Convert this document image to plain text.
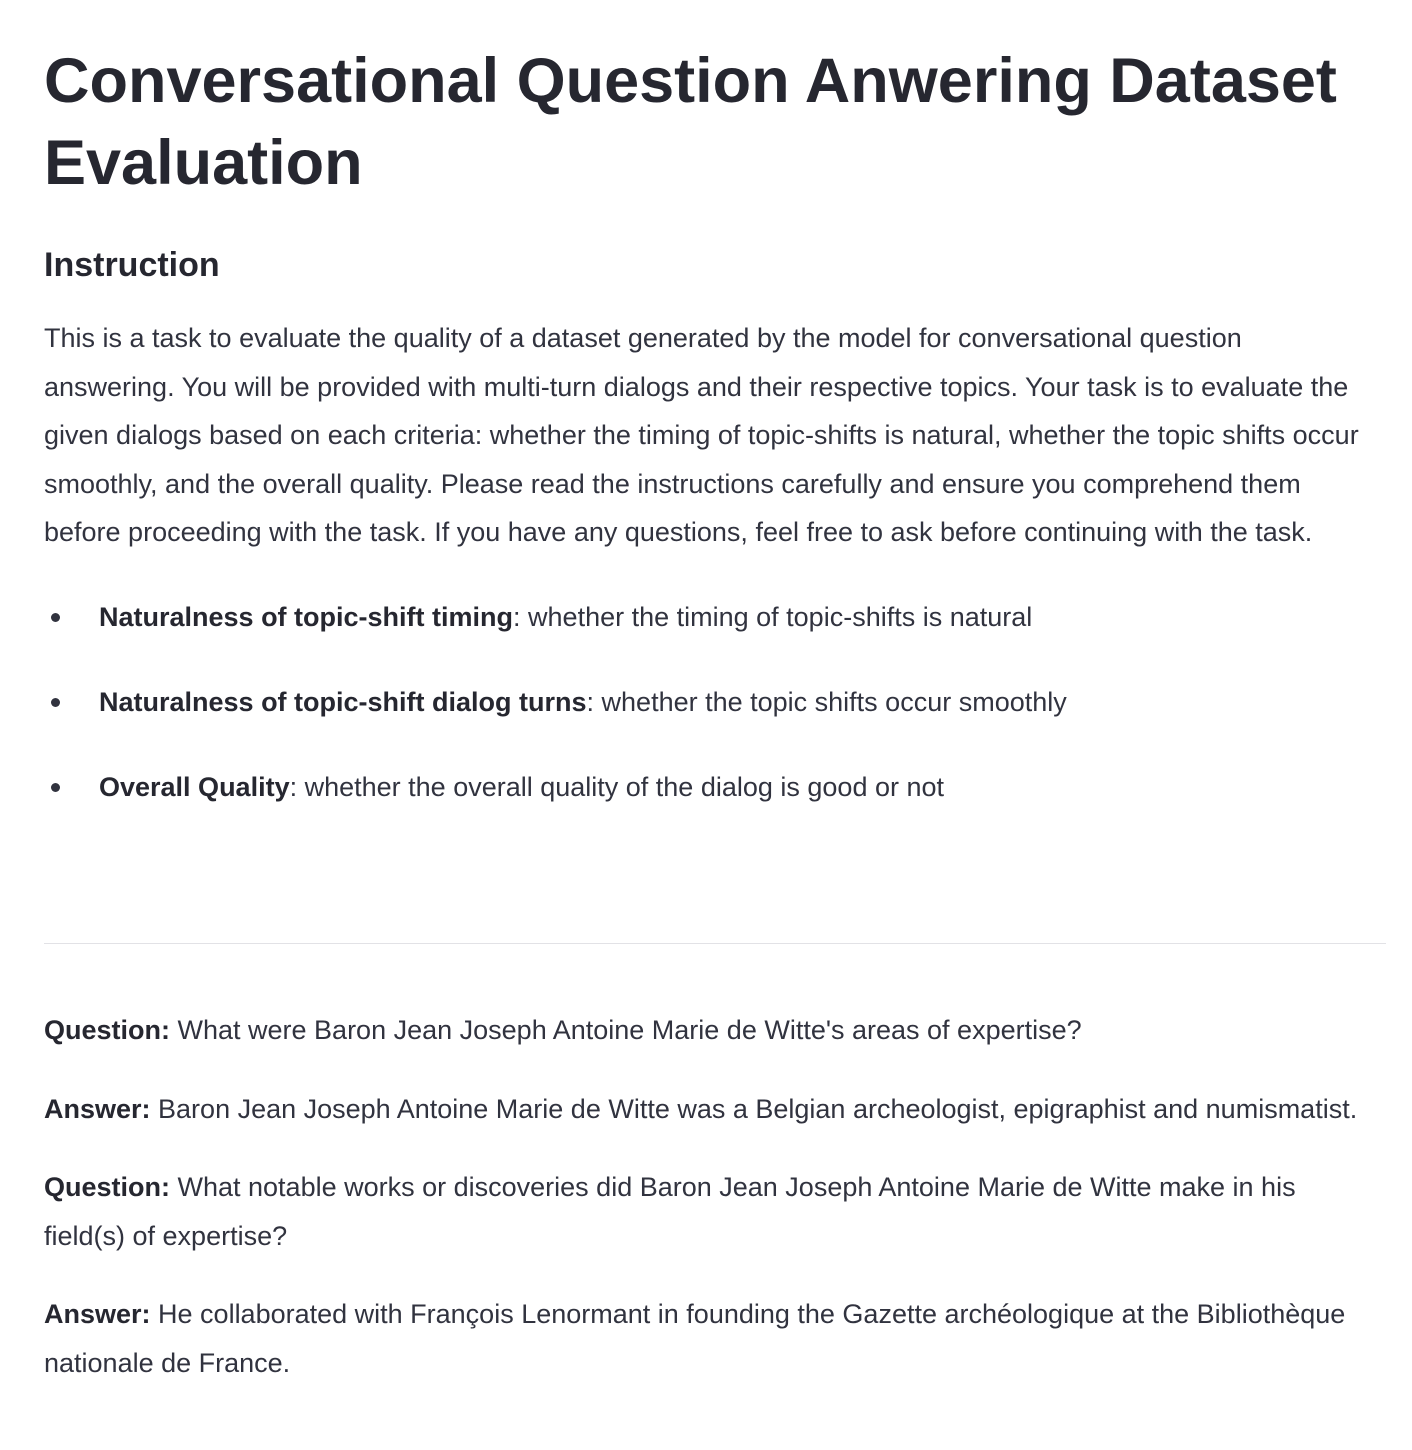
Conversational Question Anwering Dataset Evaluation
Instruction

This is a task to evaluate the quality of a dataset generated by the model for conversational question answering. You will be provided with multi-turn dialogs and their respective topics. Your task is to evaluate the given dialogs based on each criteria: whether the timing of topic-shifts is natural, whether the topic shifts occur smoothly, and the overall quality. Please read the instructions carefully and ensure you comprehend them before proceeding with the task. If you have any questions, feel free to ask before continuing with the task.

Naturalness of topic-shift timing: whether the timing of topic-shifts is natural
Naturalness of topic-shift dialog turns: whether the topic shifts occur smoothly
Overall Quality: whether the overall quality of the dialog is good or not

Question: What were Baron Jean Joseph Antoine Marie de Witte's areas of expertise?

Answer: Baron Jean Joseph Antoine Marie de Witte was a Belgian archeologist, epigraphist and numismatist.

Question: What notable works or discoveries did Baron Jean Joseph Antoine Marie de Witte make in his field(s) of expertise?

Answer: He collaborated with François Lenormant in founding the Gazette archéologique at the Bibliothèque nationale de France.
